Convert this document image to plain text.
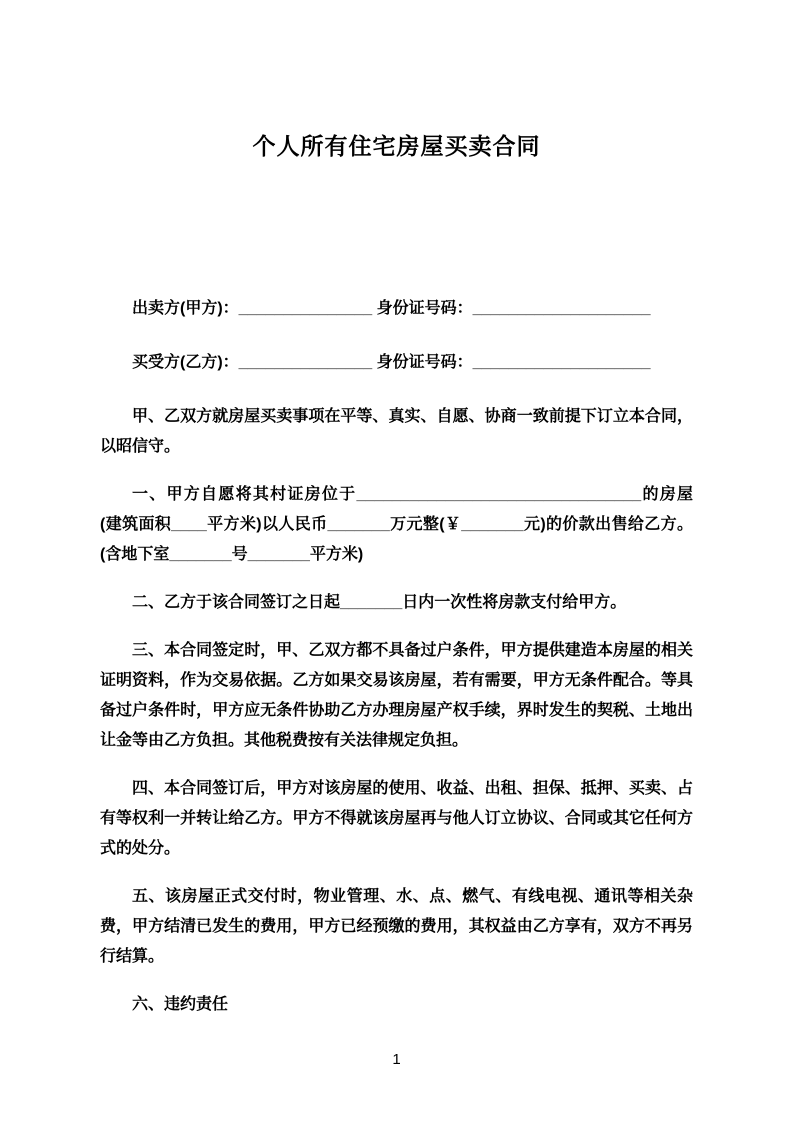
个人所有住宅房屋买卖合同

出卖方(甲方)：_______________ 身份证号码：____________________

买受方(乙方)：_______________ 身份证号码：____________________

甲、乙双方就房屋买卖事项在平等、真实、自愿、协商一致前提下订立本合同，以昭信守。

一、甲方自愿将其村证房位于________________________________的房屋(建筑面积____平方米)以人民币_______万元整(￥_______元)的价款出售给乙方。(含地下室_______号_______平方米)

二、乙方于该合同签订之日起_______日内一次性将房款支付给甲方。

三、本合同签定时，甲、乙双方都不具备过户条件，甲方提供建造本房屋的相关证明资料，作为交易依据。乙方如果交易该房屋，若有需要，甲方无条件配合。等具备过户条件时，甲方应无条件协助乙方办理房屋产权手续，界时发生的契税、土地出让金等由乙方负担。其他税费按有关法律规定负担。

四、本合同签订后，甲方对该房屋的使用、收益、出租、担保、抵押、买卖、占有等权利一并转让给乙方。甲方不得就该房屋再与他人订立协议、合同或其它任何方式的处分。

五、该房屋正式交付时，物业管理、水、点、燃气、有线电视、通讯等相关杂费，甲方结清已发生的费用，甲方已经预缴的费用，其权益由乙方享有，双方不再另行结算。

六、违约责任

1
